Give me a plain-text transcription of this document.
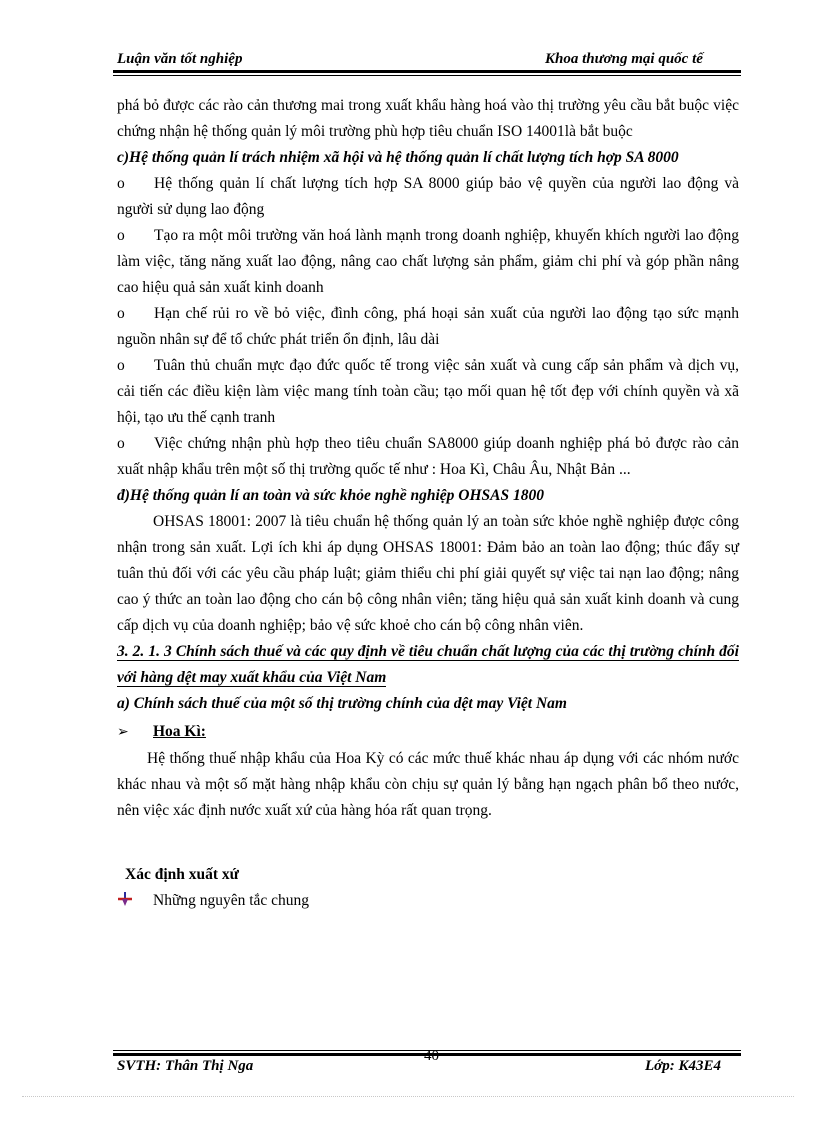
Luận văn tốt nghiệp	Khoa thương mại quốc tế

phá bỏ được các rào cản thương mai trong xuất khẩu hàng hoá vào thị trường yêu cầu bắt buộc việc chứng nhận hệ thống quản lý môi trường phù hợp tiêu chuẩn ISO 14001là bắt buộc

c)Hệ thống quản lí trách nhiệm xã hội và hệ thống quản lí chất lượng tích hợp SA 8000

o Hệ thống quản lí chất lượng tích hợp SA 8000 giúp bảo vệ quyền của người lao động và người sử dụng lao động

o Tạo ra một môi trường văn hoá lành mạnh trong doanh nghiệp, khuyến khích người lao động làm việc, tăng năng xuất lao động, nâng cao chất lượng sản phẩm, giảm chi phí và góp phần nâng cao hiệu quả sản xuất kinh doanh

o Hạn chế rủi ro về bỏ việc, đình công, phá hoại sản xuất của người lao động tạo sức mạnh nguồn nhân sự để tổ chức phát triển ổn định, lâu dài

o Tuân thủ chuẩn mực đạo đức quốc tế trong việc sản xuất và cung cấp sản phẩm và dịch vụ, cải tiến các điều kiện làm việc mang tính toàn cầu; tạo mối quan hệ tốt đẹp với chính quyền và xã hội, tạo ưu thế cạnh tranh

o Việc chứng nhận phù hợp theo tiêu chuẩn SA8000 giúp doanh nghiệp phá bỏ được rào cản xuất nhập khẩu trên một số thị trường quốc tế như : Hoa Kì, Châu Âu, Nhật Bản ...

đ)Hệ thống quản lí an toàn và sức khỏe nghề nghiệp OHSAS 1800

OHSAS 18001: 2007 là tiêu chuẩn hệ thống quản lý an toàn sức khỏe nghề nghiệp được công nhận trong sản xuất. Lợi ích khi áp dụng OHSAS 18001: Đảm bảo an toàn lao động; thúc đẩy sự tuân thủ đối với các yêu cầu pháp luật; giảm thiểu chi phí giải quyết sự việc tai nạn lao động; nâng cao ý thức an toàn lao động cho cán bộ công nhân viên; tăng hiệu quả sản xuất kinh doanh và cung cấp dịch vụ của doanh nghiệp; bảo vệ sức khoẻ cho cán bộ công nhân viên.

3. 2. 1. 3 Chính sách thuế và các quy định về tiêu chuẩn chất lượng của các thị trường chính đối với hàng dệt may xuất khẩu của Việt Nam

a) Chính sách thuế của một số thị trường chính của dệt may Việt Nam

➢ Hoa Kì:

Hệ thống thuế nhập khẩu của Hoa Kỳ có các mức thuế khác nhau áp dụng với các nhóm nước khác nhau và một số mặt hàng nhập khẩu còn chịu sự quản lý bằng hạn ngạch phân bổ theo nước, nên việc xác định nước xuất xứ của hàng hóa rất quan trọng.

Xác định xuất xứ

Những nguyên tắc chung

40
SVTH: Thân Thị Nga	Lớp: K43E4
